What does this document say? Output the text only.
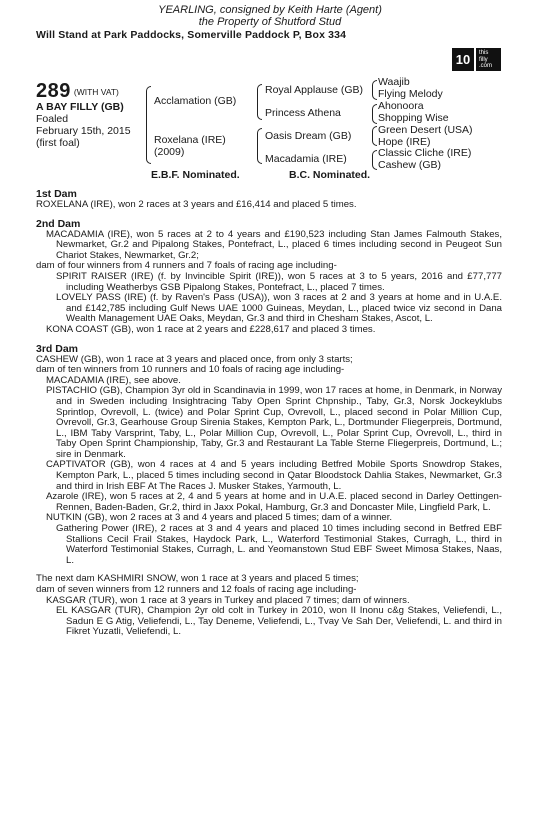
YEARLING, consigned by Keith Harte (Agent)
the Property of Shutford Stud
Will Stand at Park Paddocks, Somerville Paddock P, Box 334
10	this
filly
.com
289 (WITH VAT)
A BAY FILLY (GB)
Foaled
February 15th, 2015
(first foal)
Acclamation (GB)
Roxelana (IRE)
(2009)
Royal Applause (GB)
Princess Athena
Oasis Dream (GB)
Macadamia (IRE)
Waajib
Flying Melody
Ahonoora
Shopping Wise
Green Desert (USA)
Hope (IRE)
Classic Cliche (IRE)
Cashew (GB)
E.B.F. Nominated.	B.C. Nominated.

1st Dam

ROXELANA (IRE), won 2 races at 3 years and £16,414 and placed 5 times.

2nd Dam

MACADAMIA (IRE), won 5 races at 2 to 4 years and £190,523 including Stan James Falmouth Stakes, Newmarket, Gr.2 and Pipalong Stakes, Pontefract, L., placed 6 times including second in Peugeot Sun Chariot Stakes, Newmarket, Gr.2;

dam of four winners from 4 runners and 7 foals of racing age including-

SPIRIT RAISER (IRE) (f. by Invincible Spirit (IRE)), won 5 races at 3 to 5 years, 2016 and £77,777 including Weatherbys GSB Pipalong Stakes, Pontefract, L., placed 7 times.

LOVELY PASS (IRE) (f. by Raven's Pass (USA)), won 3 races at 2 and 3 years at home and in U.A.E. and £142,785 including Gulf News UAE 1000 Guineas, Meydan, L., placed twice viz second in Dana Wealth Management UAE Oaks, Meydan, Gr.3 and third in Chesham Stakes, Ascot, L.

KONA COAST (GB), won 1 race at 2 years and £228,617 and placed 3 times.

3rd Dam

CASHEW (GB), won 1 race at 3 years and placed once, from only 3 starts;

dam of ten winners from 10 runners and 10 foals of racing age including-

MACADAMIA (IRE), see above.

PISTACHIO (GB), Champion 3yr old in Scandinavia in 1999, won 17 races at home, in Denmark, in Norway and in Sweden including Insightracing Taby Open Sprint Chpnship., Taby, Gr.3, Norsk Jockeyklubs Sprintlop, Ovrevoll, L. (twice) and Polar Sprint Cup, Ovrevoll, L., placed second in Polar Million Cup, Ovrevoll, Gr.3, Gearhouse Group Sirenia Stakes, Kempton Park, L., Dortmunder Fliegerpreis, Dortmund, L., IBM Taby Varsprint, Taby, L., Polar Million Cup, Ovrevoll, L., Polar Sprint Cup, Ovrevoll, L., third in Taby Open Sprint Championship, Taby, Gr.3 and Restaurant La Table Sterne Fliegerpreis, Dortmund, L.; sire in Denmark.

CAPTIVATOR (GB), won 4 races at 4 and 5 years including Betfred Mobile Sports Snowdrop Stakes, Kempton Park, L., placed 5 times including second in Qatar Bloodstock Dahlia Stakes, Newmarket, Gr.3 and third in Irish EBF At The Races J. Musker Stakes, Yarmouth, L.

Azarole (IRE), won 5 races at 2, 4 and 5 years at home and in U.A.E. placed second in Darley Oettingen-Rennen, Baden-Baden, Gr.2, third in Jaxx Pokal, Hamburg, Gr.3 and Doncaster Mile, Lingfield Park, L.

NUTKIN (GB), won 2 races at 3 and 4 years and placed 5 times; dam of a winner.

Gathering Power (IRE), 2 races at 3 and 4 years and placed 10 times including second in Betfred EBF Stallions Cecil Frail Stakes, Haydock Park, L., Waterford Testimonial Stakes, Curragh, L., third in Waterford Testimonial Stakes, Curragh, L. and Yeomanstown Stud EBF Sweet Mimosa Stakes, Naas, L.

The next dam KASHMIRI SNOW, won 1 race at 3 years and placed 5 times;

dam of seven winners from 12 runners and 12 foals of racing age including-

KASGAR (TUR), won 1 race at 3 years in Turkey and placed 7 times; dam of winners.

EL KASGAR (TUR), Champion 2yr old colt in Turkey in 2010, won II Inonu c&g Stakes, Veliefendi, L., Sadun E G Atig, Veliefendi, L., Tay Deneme, Veliefendi, L., Tvay Ve Sah Der, Veliefendi, L. and third in Fikret Yuzatli, Veliefendi, L.
